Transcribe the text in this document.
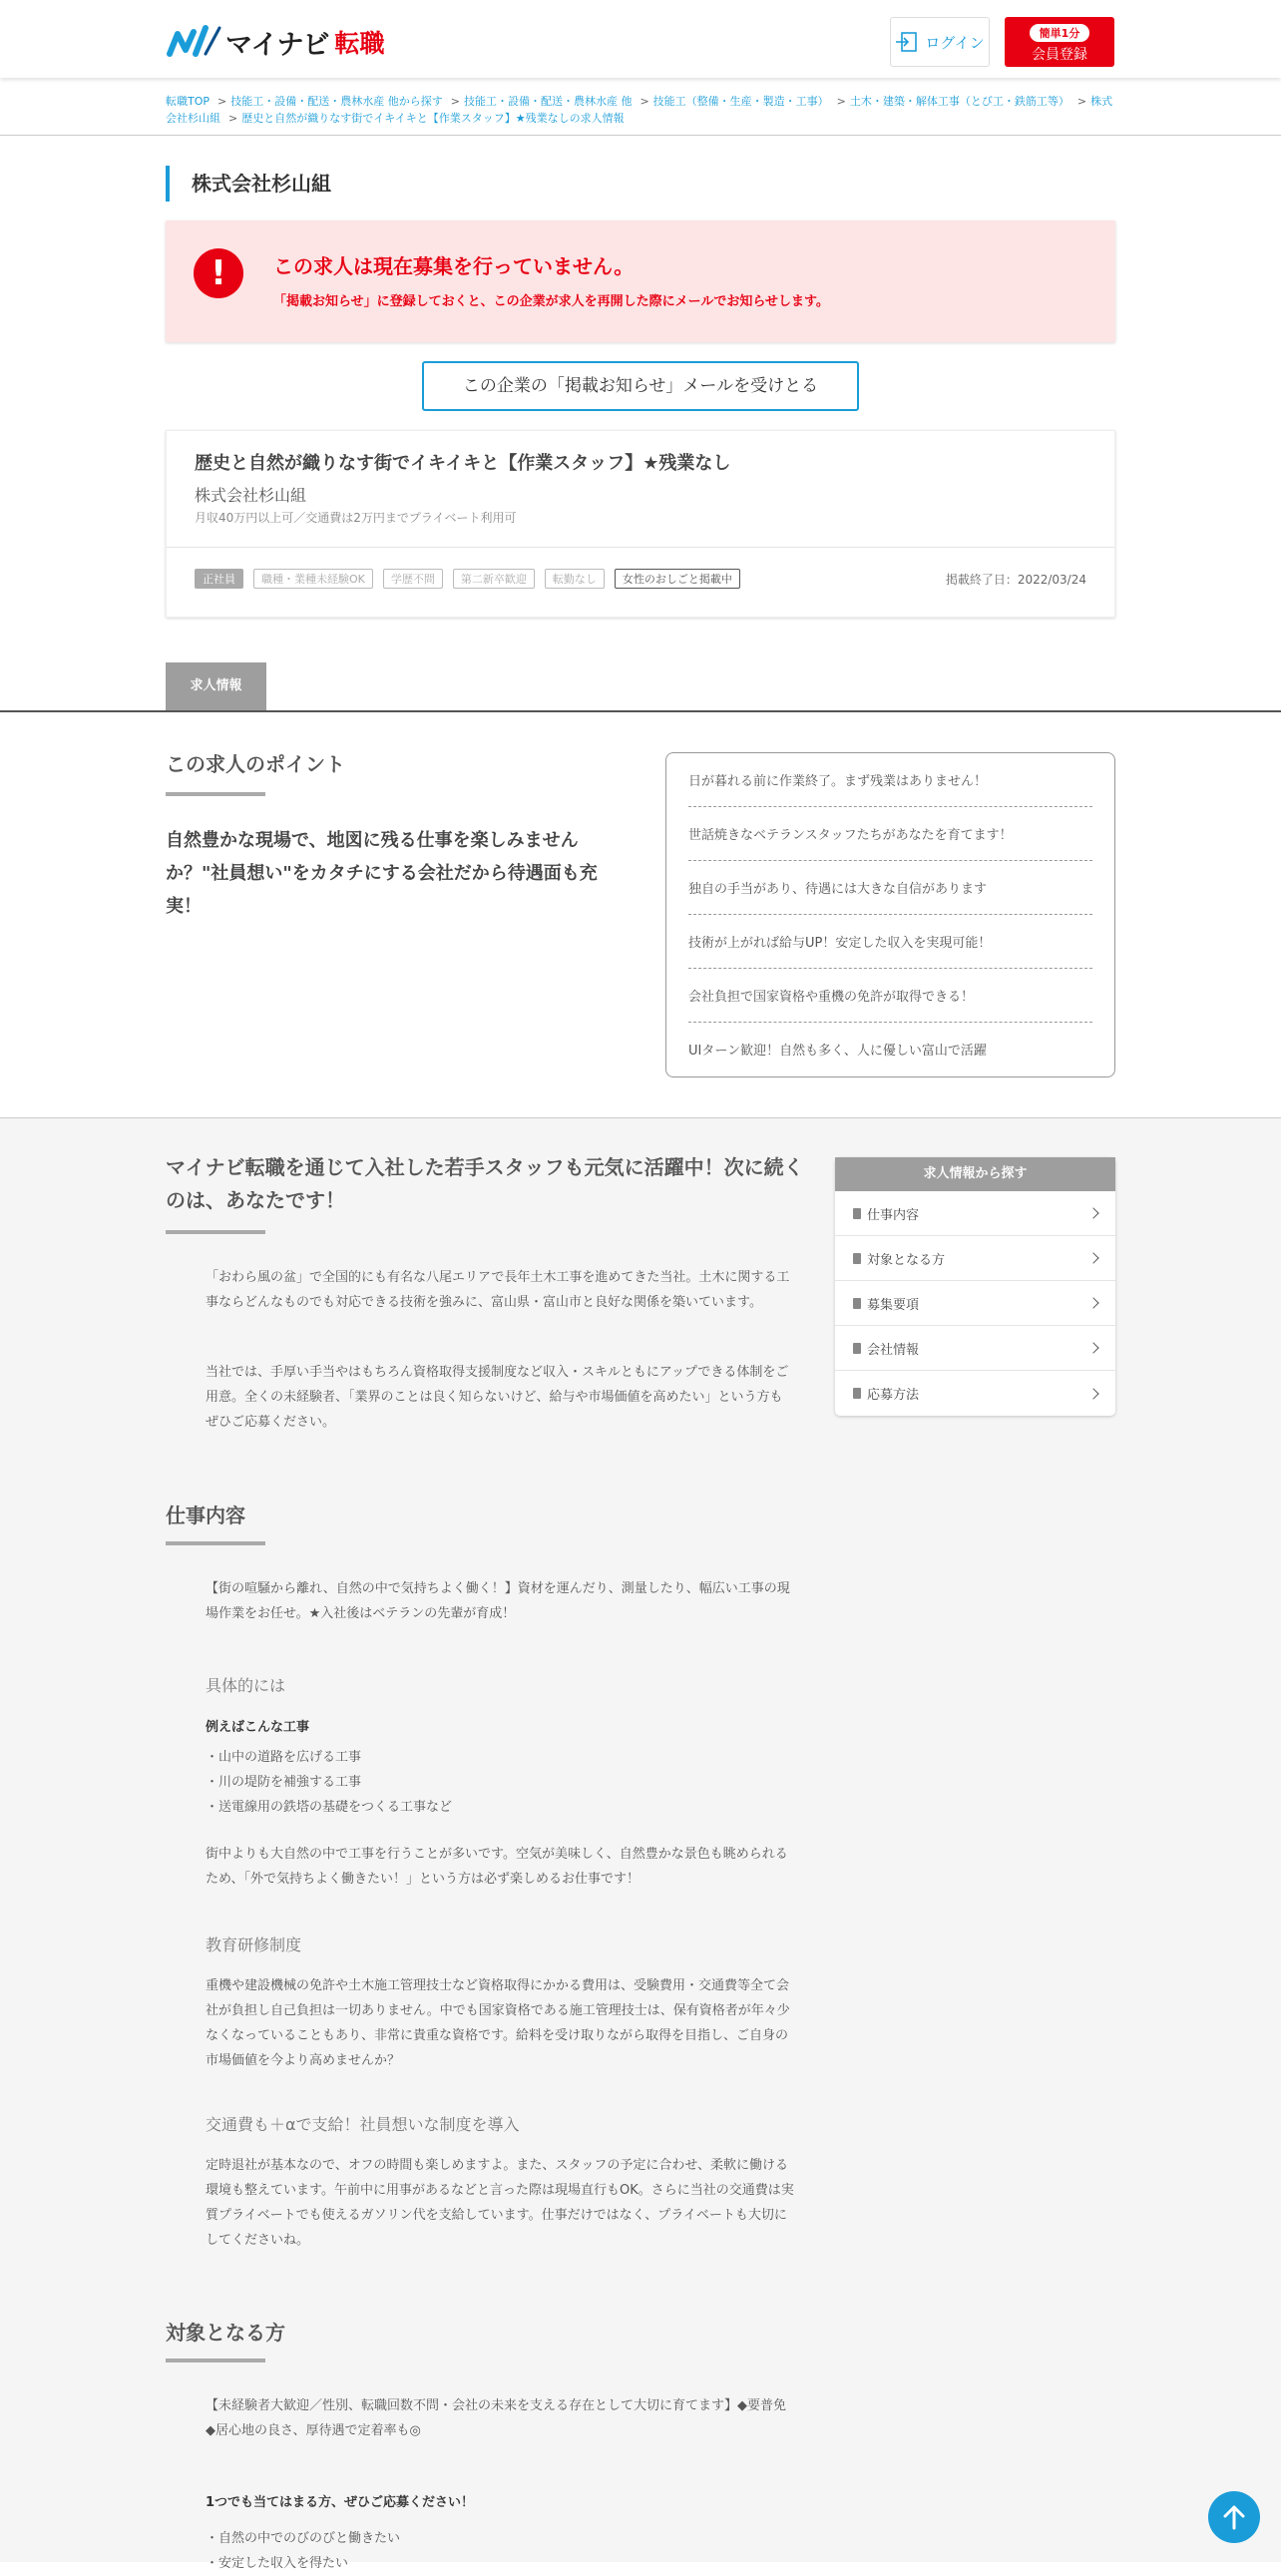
マイナビ 転職	ログイン	簡単1分
会員登録
転職TOP > 技能工・設備・配送・農林水産 他から探す > 技能工・設備・配送・農林水産 他 > 技能工（整備・生産・製造・工事） > 土木・建築・解体工事（とび工・鉄筋工等） > 株式会社杉山組 > 歴史と自然が織りなす街でイキイキと【作業スタッフ】★残業なしの求人情報
株式会社杉山組
!	この求人は現在募集を行っていません。
「掲載お知らせ」に登録しておくと、この企業が求人を再開した際にメールでお知らせします。
この企業の「掲載お知らせ」メールを受けとる
歴史と自然が織りなす街でイキイキと【作業スタッフ】★残業なし
株式会社杉山組
月収40万円以上可／交通費は2万円までプライベート利用可
正社員	職種・業種未経験OK	学歴不問	第二新卒歓迎	転勤なし	女性のおしごと掲載中	掲載終了日：2022/03/24
求人情報
この求人のポイント
自然豊かな現場で、地図に残る仕事を楽しみませんか？"社員想い"をカタチにする会社だから待遇面も充実！
日が暮れる前に作業終了。まず残業はありません！
世話焼きなベテランスタッフたちがあなたを育てます！
独自の手当があり、待遇には大きな自信があります
技術が上がれば給与UP！安定した収入を実現可能！
会社負担で国家資格や重機の免許が取得できる！
UIターン歓迎！自然も多く、人に優しい富山で活躍
マイナビ転職を通じて入社した若手スタッフも元気に活躍中！次に続くのは、あなたです！
「おわら風の盆」で全国的にも有名な八尾エリアで長年土木工事を進めてきた当社。土木に関する工事ならどんなものでも対応できる技術を強みに、富山県・富山市と良好な関係を築いています。
当社では、手厚い手当やはもちろん資格取得支援制度など収入・スキルともにアップできる体制をご用意。全くの未経験者、「業界のことは良く知らないけど、給与や市場価値を高めたい」という方もぜひご応募ください。
求人情報から探す
仕事内容
対象となる方
募集要項
会社情報
応募方法
仕事内容
【街の喧騒から離れ、自然の中で気持ちよく働く！】資材を運んだり、測量したり、幅広い工事の現場作業をお任せ。★入社後はベテランの先輩が育成！
具体的には
例えばこんな工事
・山中の道路を広げる工事
・川の堤防を補強する工事
・送電線用の鉄塔の基礎をつくる工事など
街中よりも大自然の中で工事を行うことが多いです。空気が美味しく、自然豊かな景色も眺められるため、「外で気持ちよく働きたい！」という方は必ず楽しめるお仕事です！
教育研修制度
重機や建設機械の免許や土木施工管理技士など資格取得にかかる費用は、受験費用・交通費等全て会社が負担し自己負担は一切ありません。中でも国家資格である施工管理技士は、保有資格者が年々少なくなっていることもあり、非常に貴重な資格です。給料を受け取りながら取得を目指し、ご自身の市場価値を今より高めませんか？
交通費も＋αで支給！社員想いな制度を導入
定時退社が基本なので、オフの時間も楽しめますよ。また、スタッフの予定に合わせ、柔軟に働ける環境も整えています。午前中に用事があるなどと言った際は現場直行もOK。さらに当社の交通費は実質プライベートでも使えるガソリン代を支給しています。仕事だけではなく、プライベートも大切にしてくださいね。
対象となる方
【未経験者大歓迎／性別、転職回数不問・会社の未来を支える存在として大切に育てます】◆要普免 ◆居心地の良さ、厚待遇で定着率も◎
1つでも当てはまる方、ぜひご応募ください！
・自然の中でのびのびと働きたい
・安定した収入を得たい
